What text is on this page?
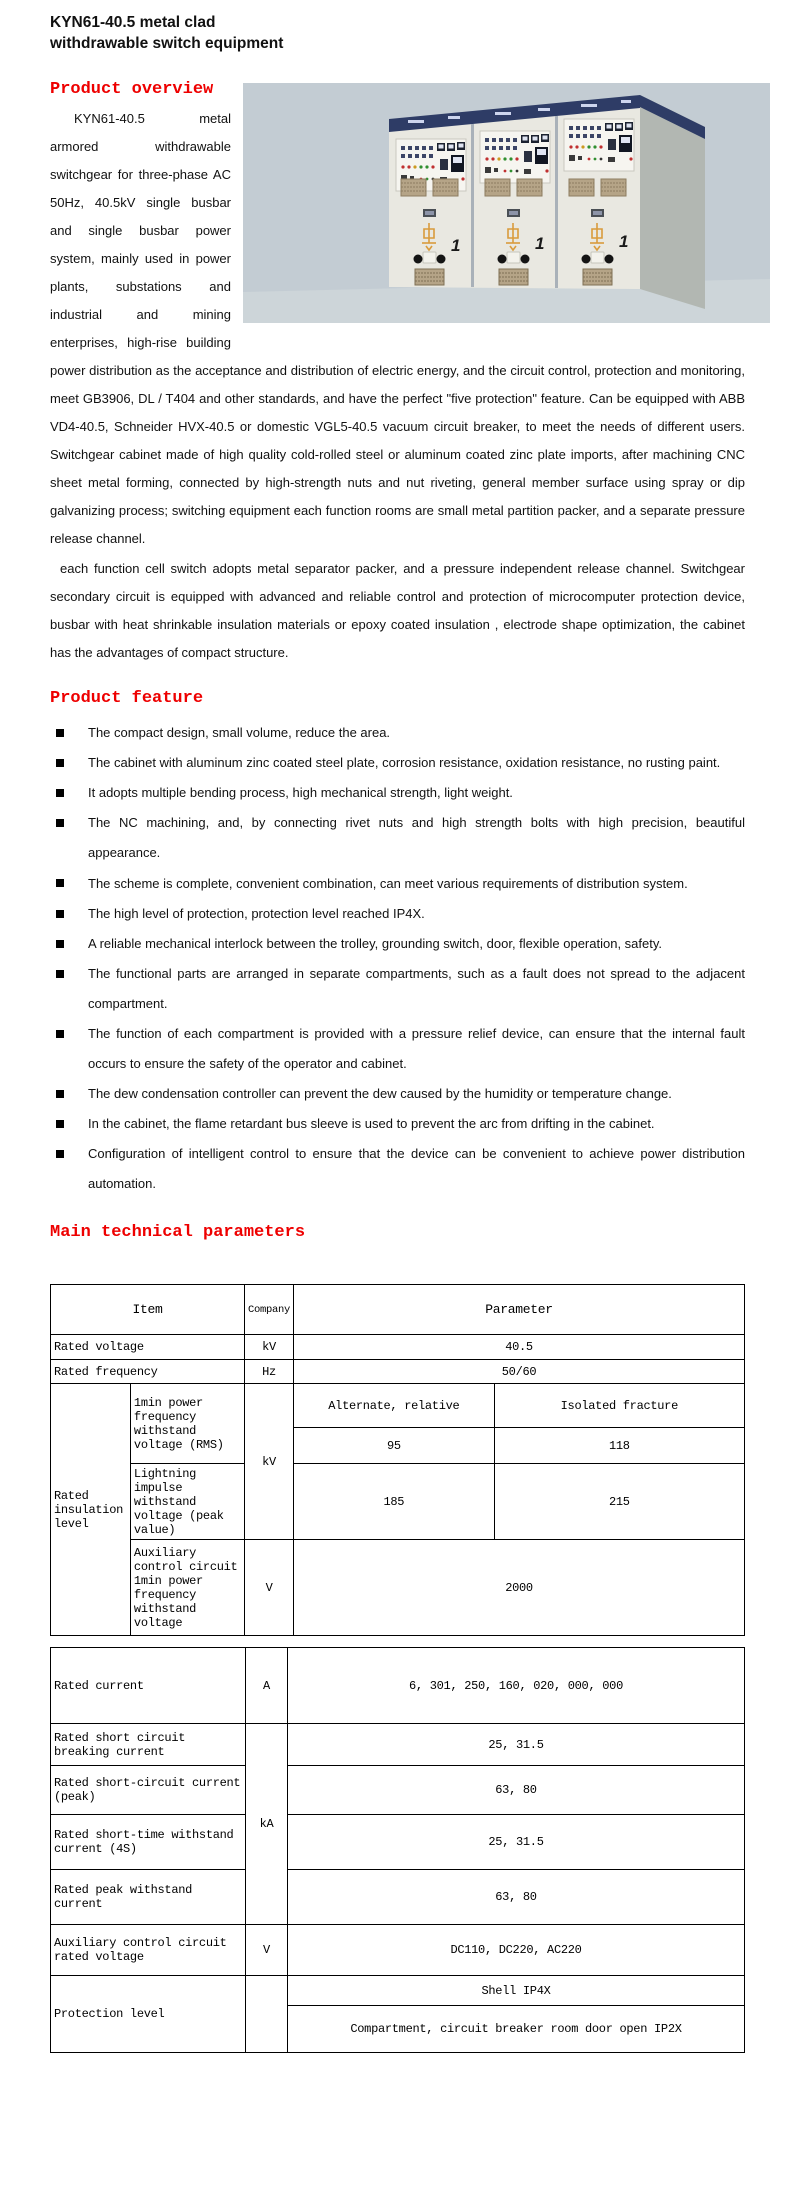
KYN61-40.5 metal clad
withdrawable switch equipment
Product overview
1	1	1
KYN61-40.5 metal armored withdrawable switchgear for three-phase AC 50Hz, 40.5kV single busbar and single busbar power system, mainly used in power plants, substations and industrial and mining enterprises, high-rise building power distribution as the acceptance and distribution of electric energy, and the circuit control, protection and monitoring, meet GB3906, DL / T404 and other standards, and have the perfect "five protection" feature. Can be equipped with ABB VD4-40.5, Schneider HVX-40.5 or domestic VGL5-40.5 vacuum circuit breaker, to meet the needs of different users. Switchgear cabinet made of high quality cold-rolled steel or aluminum coated zinc plate imports, after machining CNC sheet metal forming, connected by high-strength nuts and nut riveting, general member surface using spray or dip galvanizing process; switching equipment each function rooms are small metal partition packer, and a separate pressure release channel.
each function cell switch adopts metal separator packer, and a pressure independent release channel. Switchgear secondary circuit is equipped with advanced and reliable control and protection of microcomputer protection device, busbar with heat shrinkable insulation materials or epoxy coated insulation , electrode shape optimization, the cabinet has the advantages of compact structure.
Product feature
The compact design, small volume, reduce the area.
The cabinet with aluminum zinc coated steel plate, corrosion resistance, oxidation resistance, no rusting paint.
It adopts multiple bending process, high mechanical strength, light weight.
The NC machining, and, by connecting rivet nuts and high strength bolts with high precision, beautiful appearance.
The scheme is complete, convenient combination, can meet various requirements of distribution system.
The high level of protection, protection level reached IP4X.
A reliable mechanical interlock between the trolley, grounding switch, door, flexible operation, safety.
The functional parts are arranged in separate compartments, such as a fault does not spread to the adjacent compartment.
The function of each compartment is provided with a pressure relief device, can ensure that the internal fault occurs to ensure the safety of the operator and cabinet.
The dew condensation controller can prevent the dew caused by the humidity or temperature change.
In the cabinet, the flame retardant bus sleeve is used to prevent the arc from drifting in the cabinet.
Configuration of intelligent control to ensure that the device can be convenient to achieve power distribution automation.
Main technical parameters
Item		Company	Parameter	
Rated voltage		kV	40.5	
Rated frequency		Hz	50/60	
Rated insulation level	1min power frequency withstand voltage (RMS)	kV	Alternate, relative	Isolated fracture
			95	118
	Lightning impulse withstand voltage (peak value)		185	215
	Auxiliary control circuit 1min power frequency withstand voltage	V	2000	
Rated current	A	6, 301, 250, 160, 020, 000, 000
Rated short circuit breaking current	kA	25, 31.5
Rated short-circuit current (peak)		63, 80
Rated short-time withstand current (4S)		25, 31.5
Rated peak withstand current		63, 80
Auxiliary control circuit rated voltage	V	DC110, DC220, AC220
Protection level		Shell IP4X
		Compartment, circuit breaker room door open IP2X
